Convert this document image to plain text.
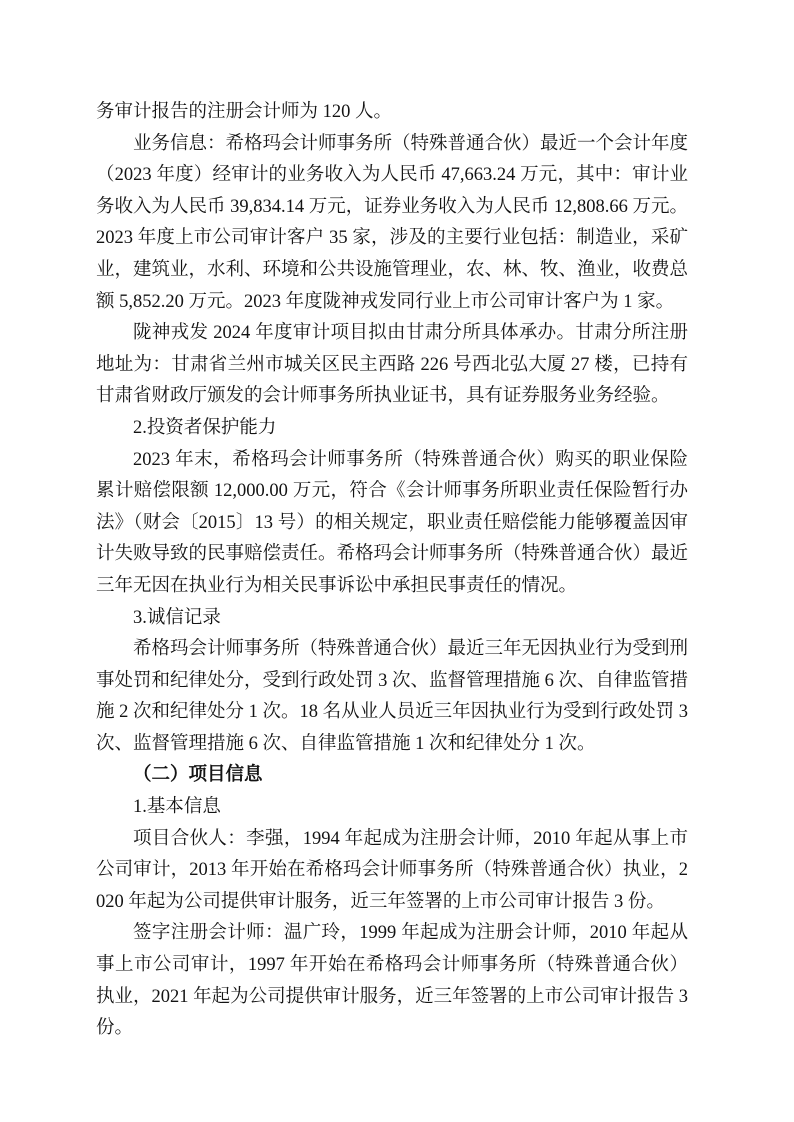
务审计报告的注册会计师为 120 人。

业务信息：希格玛会计师事务所（特殊普通合伙）最近一个会计年度（2023 年度）经审计的业务收入为人民币 47,663.24 万元，其中：审计业务收入为人民币 39,834.14 万元，证券业务收入为人民币 12,808.66 万元。2023 年度上市公司审计客户 35 家，涉及的主要行业包括：制造业，采矿业，建筑业，水利、环境和公共设施管理业，农、林、牧、渔业，收费总额 5,852.20 万元。2023 年度陇神戎发同行业上市公司审计客户为 1 家。

陇神戎发 2024 年度审计项目拟由甘肃分所具体承办。甘肃分所注册地址为：甘肃省兰州市城关区民主西路 226 号西北弘大厦 27 楼，已持有甘肃省财政厅颁发的会计师事务所执业证书，具有证券服务业务经验。

2.投资者保护能力

2023 年末，希格玛会计师事务所（特殊普通合伙）购买的职业保险累计赔偿限额 12,000.00 万元，符合《会计师事务所职业责任保险暂行办法》（财会〔2015〕13 号）的相关规定，职业责任赔偿能力能够覆盖因审计失败导致的民事赔偿责任。希格玛会计师事务所（特殊普通合伙）最近三年无因在执业行为相关民事诉讼中承担民事责任的情况。

3.诚信记录

希格玛会计师事务所（特殊普通合伙）最近三年无因执业行为受到刑事处罚和纪律处分，受到行政处罚 3 次、监督管理措施 6 次、自律监管措施 2 次和纪律处分 1 次。18 名从业人员近三年因执业行为受到行政处罚 3 次、监督管理措施 6 次、自律监管措施 1 次和纪律处分 1 次。

（二）项目信息

1.基本信息

项目合伙人：李强，1994 年起成为注册会计师，2010 年起从事上市公司审计，2013 年开始在希格玛会计师事务所（特殊普通合伙）执业，2020 年起为公司提供审计服务，近三年签署的上市公司审计报告 3 份。

签字注册会计师：温广玲，1999 年起成为注册会计师，2010 年起从事上市公司审计，1997 年开始在希格玛会计师事务所（特殊普通合伙）执业，2021 年起为公司提供审计服务，近三年签署的上市公司审计报告 3 份。
